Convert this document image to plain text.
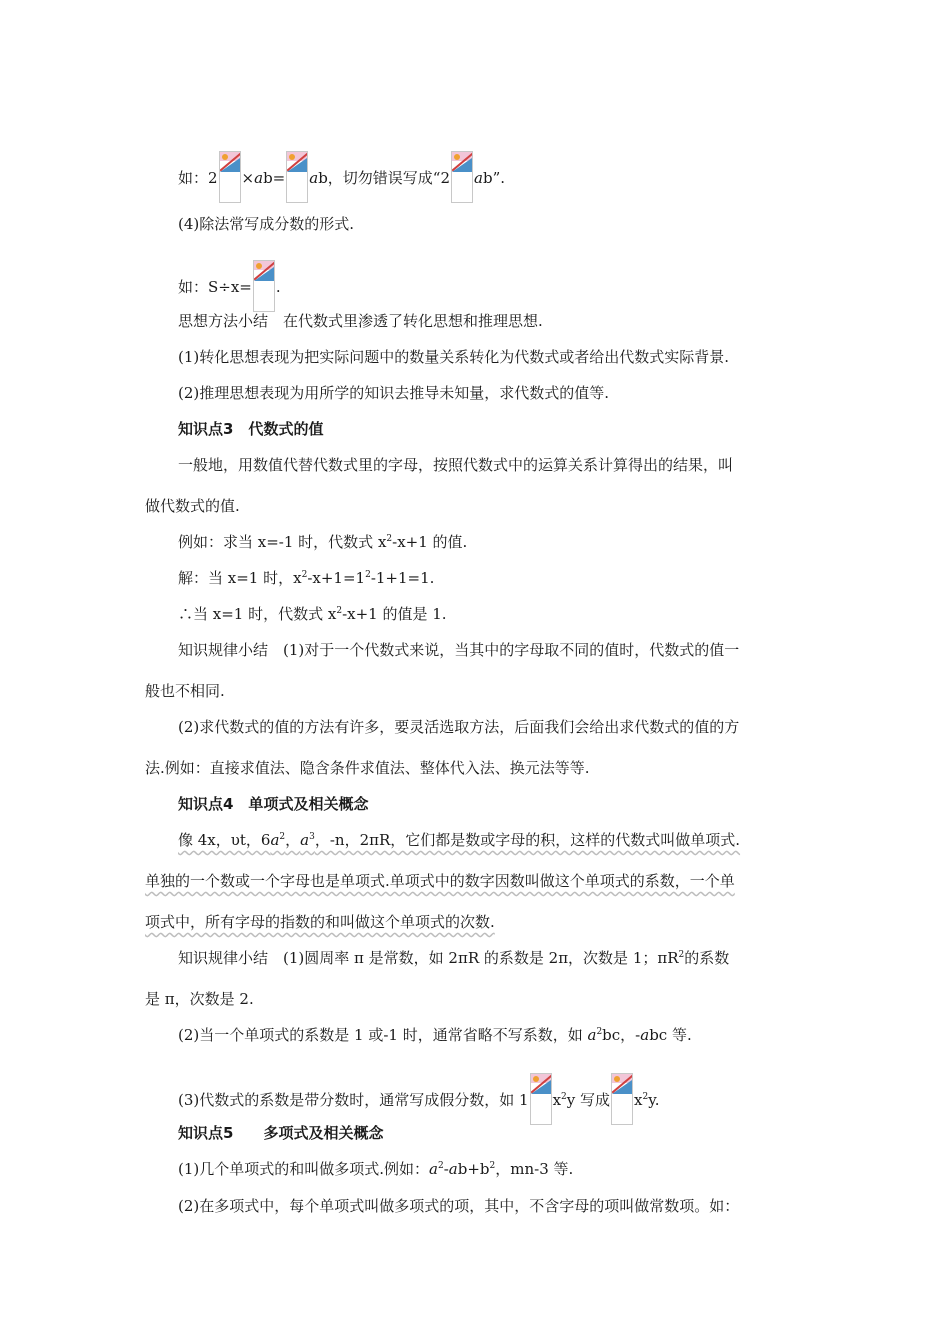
如：2 ×ab= ab，切勿错误写成“2 ab”.
(4)除法常写成分数的形式.
如：S÷x= .
思想方法小结　在代数式里渗透了转化思想和推理思想.
(1)转化思想表现为把实际问题中的数量关系转化为代数式或者给出代数式实际背景.
(2)推理思想表现为用所学的知识去推导未知量，求代数式的值等.
知识点3　代数式的值
一般地，用数值代替代数式里的字母，按照代数式中的运算关系计算得出的结果，叫
做代数式的值.
例如：求当 x=-1 时，代数式 $x^2-x+1$ 的值.
解：当 x=1 时，$x^2-x+1=1^2-1+1=1$.
∴当 x=1 时，代数式 $x^2-x+1$ 的值是 1.
知识规律小结　(1)对于一个代数式来说，当其中的字母取不同的值时，代数式的值一
般也不相同.
(2)求代数式的值的方法有许多，要灵活选取方法，后面我们会给出求代数式的值的方
法.例如：直接求值法、隐含条件求值法、整体代入法、换元法等等.
知识点4　单项式及相关概念
像 4x，υt，$6a^2$，$a^3$，-n，2πR，它们都是数或字母的积，这样的代数式叫做单项式.
单独的一个数或一个字母也是单项式.单项式中的数字因数叫做这个单项式的系数，一个单
项式中，所有字母的指数的和叫做这个单项式的次数.
知识规律小结　(1)圆周率 π 是常数，如 2πR 的系数是 2π，次数是 1；$\pi R^2$的系数
是 π，次数是 2.
(2)当一个单项式的系数是 1 或-1 时，通常省略不写系数，如 $a^2bc$，-abc 等.
(3)代数式的系数是带分数时，通常写成假分数，如 1 $x^2y$ 写成 $x^2y$.
知识点5　　多项式及相关概念
(1)几个单项式的和叫做多项式.例如：$a^2-ab+b^2$，mn-3 等.
(2)在多项式中，每个单项式叫做多项式的项，其中，不含字母的项叫做常数项。如：
